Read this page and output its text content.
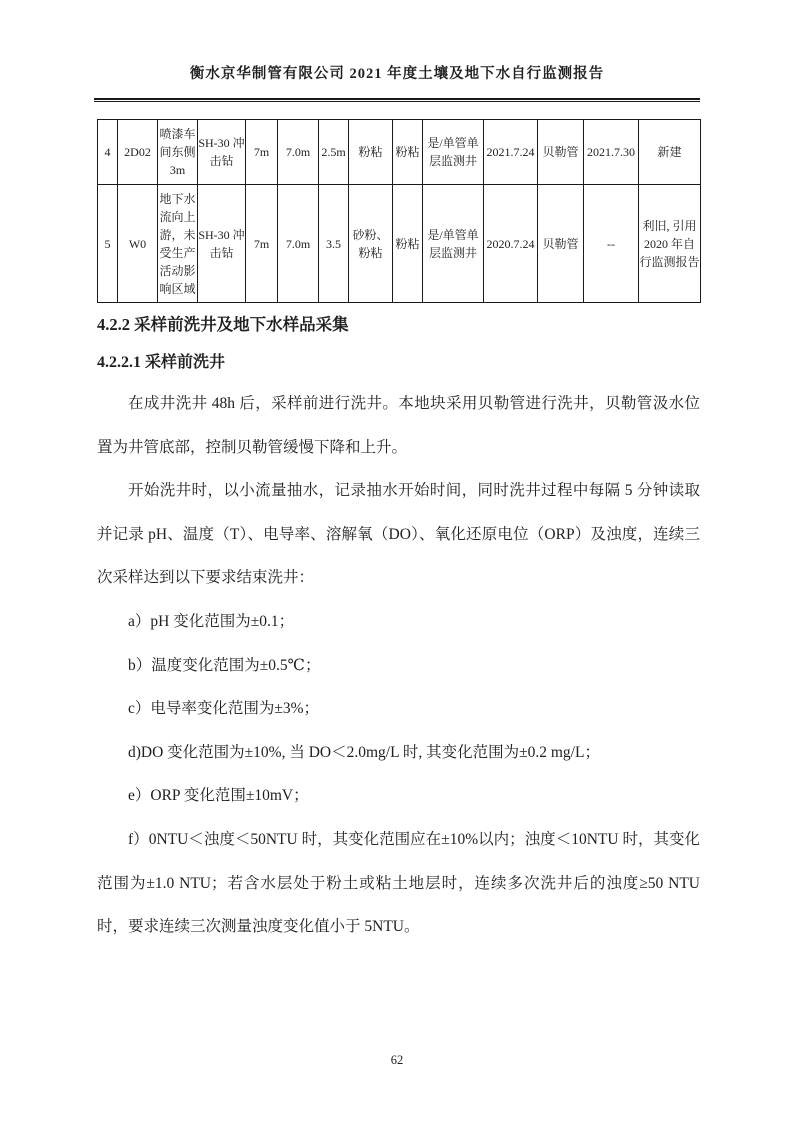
衡水京华制管有限公司 2021 年度土壤及地下水自行监测报告
4	2D02	喷漆车间东侧3m	SH-30 冲击钻	7m	7.0m	2.5m	粉粘	粉粘	是/单管单层监测井	2021.7.24	贝勒管	2021.7.30	新建
5	W0	地下水流向上游，未受生产活动影响区域	SH-30 冲击钻	7m	7.0m	3.5	砂粉、粉粘	粉粘	是/单管单层监测井	2020.7.24	贝勒管	--	利旧, 引用 2020 年自行监测报告
4.2.2 采样前洗井及地下水样品采集
4.2.2.1 采样前洗井

在成井洗井 48h 后，采样前进行洗井。本地块采用贝勒管进行洗井，贝勒管汲水位置为井管底部，控制贝勒管缓慢下降和上升。

开始洗井时，以小流量抽水，记录抽水开始时间，同时洗井过程中每隔 5 分钟读取并记录 pH、温度（T）、电导率、溶解氧（DO）、氧化还原电位（ORP）及浊度，连续三次采样达到以下要求结束洗井：

a）pH 变化范围为±0.1；

b）温度变化范围为±0.5℃；

c）电导率变化范围为±3%；

d)DO 变化范围为±10%, 当 DO＜2.0mg/L 时, 其变化范围为±0.2 mg/L；

e）ORP 变化范围±10mV；

f）0NTU＜浊度＜50NTU 时，其变化范围应在±10%以内；浊度＜10NTU 时，其变化范围为±1.0 NTU；若含水层处于粉土或粘土地层时，连续多次洗井后的浊度≥50 NTU 时，要求连续三次测量浊度变化值小于 5NTU。

62
